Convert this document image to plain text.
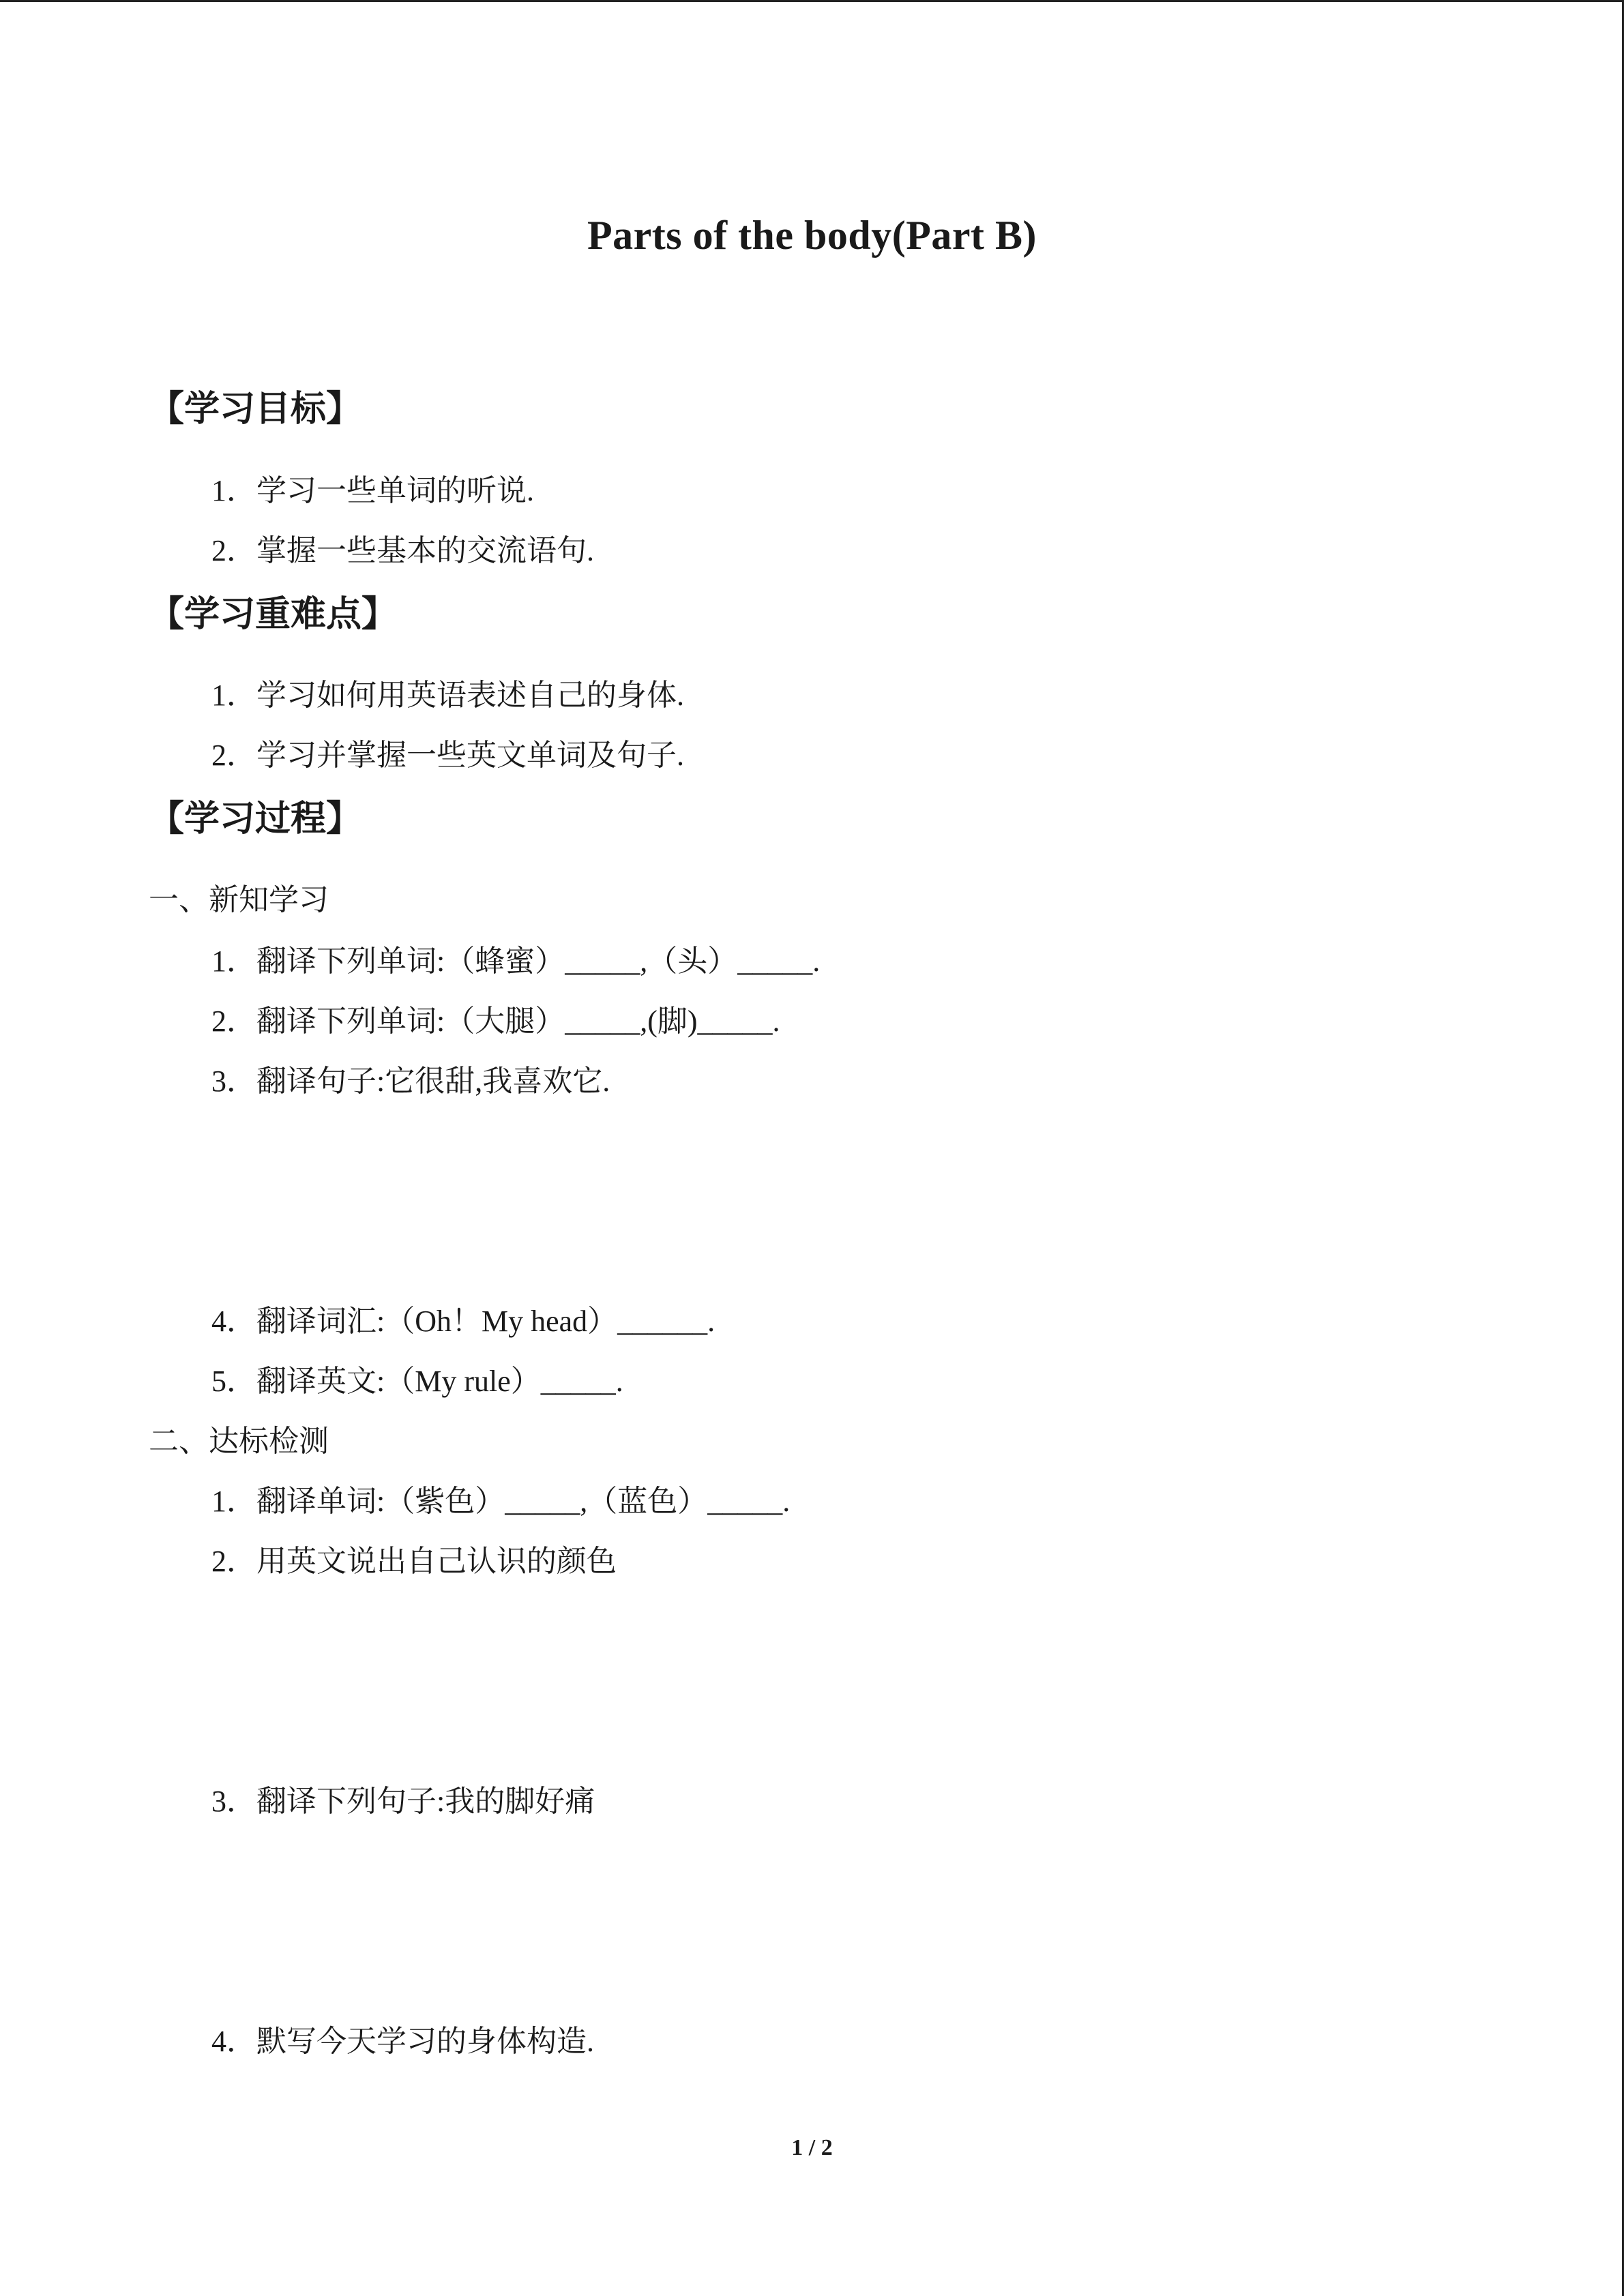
Parts of the body(Part B)
【学习目标】
1．学习一些单词的听说.
2．掌握一些基本的交流语句.
【学习重难点】
1．学习如何用英语表述自己的身体.
2．学习并掌握一些英文单词及句子.
【学习过程】
一、新知学习
1．翻译下列单词:（蜂蜜）_____,（头）_____.
2．翻译下列单词:（大腿）_____,(脚)_____.
3．翻译句子:它很甜,我喜欢它.
4．翻译词汇:（Oh！My head）______.
5．翻译英文:（My rule）_____.
二、达标检测
1．翻译单词:（紫色）_____,（蓝色）_____.
2．用英文说出自己认识的颜色
3．翻译下列句子:我的脚好痛
4．默写今天学习的身体构造.
1 / 2
